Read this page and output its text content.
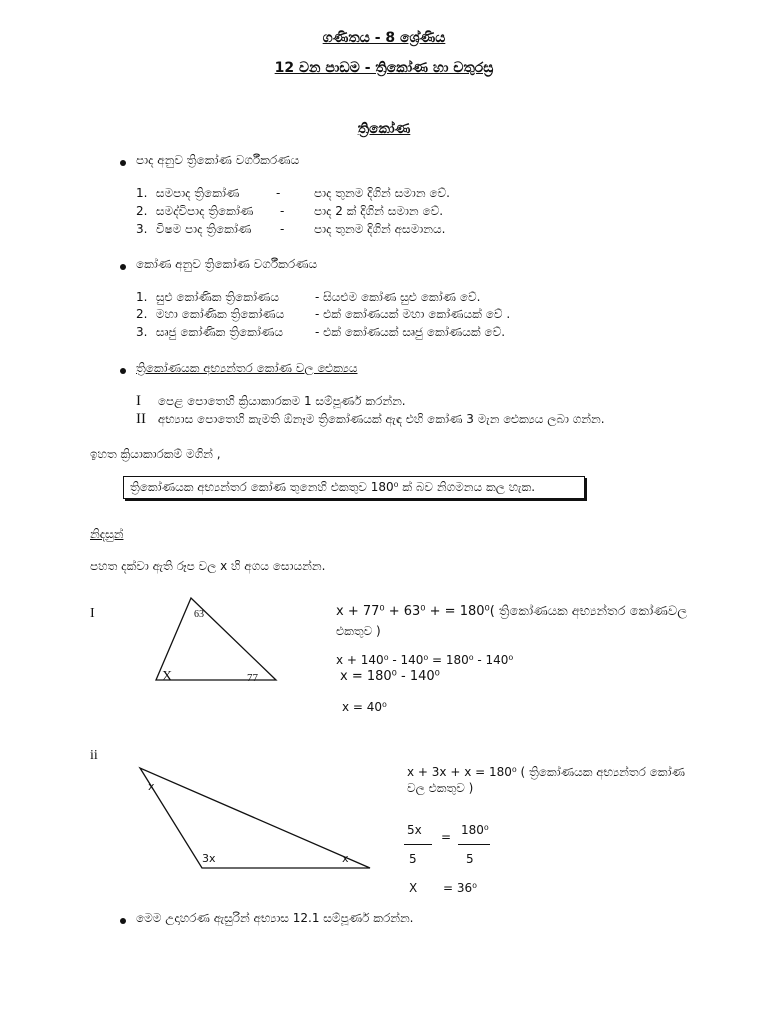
ගණිතය - 8 ශ්‍රේණිය
12 වන පාඩම - ත්‍රිකෝණ හා චතුරස්‍ර
ත්‍රිකෝණ
පාද අනුව ත්‍රිකෝණ වර්ගීකරණය
1. සමපාද ත්‍රිකෝණ	-	පාද තුනම දිගින් සමාන වේ.
2. සමද්විපාද ත්‍රිකෝණ - පාද 2 ක් දිගින් සමාන වේ.
3. විෂම පාද ත්‍රිකෝණ - පාද තුනම දිගින් අසමානය.
කෝණ අනුව ත්‍රිකෝණ වර්ගීකරණය
1. සුළු කෝණික ත්‍රිකෝණය	- සියළුම කෝණ සුළු කෝණ වේ.
2. මහා කෝණික ත්‍රිකෝණය	- එක් කෝණයක් මහා කෝණයක් වේ .
3. සෘජු කෝණික ත්‍රිකෝණය	- එක් කෝණයක් සෘජු කෝණයක් වේ.
ත්‍රිකෝණයක අභ්‍යන්තර කෝණ වල ඓක්‍යය
I පෙළ පොතෙහි ක්‍රියාකාරකම 1 සම්පූර්ණ කරන්න.
II අභ්‍යාස පොතෙහි කැමති ඕනෑම ත්‍රිකෝණයක් ඇඳ එහි කෝණ 3 මැන ඓක්‍යය ලබා ගන්න.
ඉහත ක්‍රියාකාරකම් මගින් ,
ත්‍රිකෝණයක අභ්‍යන්තර කෝණ තුනෙහි එකතුව 180⁰ ක් බව නිගමනය කල හැක.
නිදසුන්
පහත දක්වා ඇති රූප වල x හි අගය සොයන්න.
I	63
X	77
x + 77⁰ + 63⁰ + = 180⁰( ත්‍රිකෝණයක අභ්‍යන්තර කෝණවල
එකතුව )
x + 140⁰ - 140⁰ = 180⁰ - 140⁰
x = 180⁰ - 140⁰
x = 40⁰
ii
x
3x	x
x + 3x + x = 180⁰ ( ත්‍රිකෝණයක අභ්‍යන්තර කෝණ
වල එකතුව )
5x
5
= 180⁰
5
X = 36⁰
මෙම උදාහරණ ඇසුරින් අභ්‍යාස 12.1 සම්පූර්ණ කරන්න.
